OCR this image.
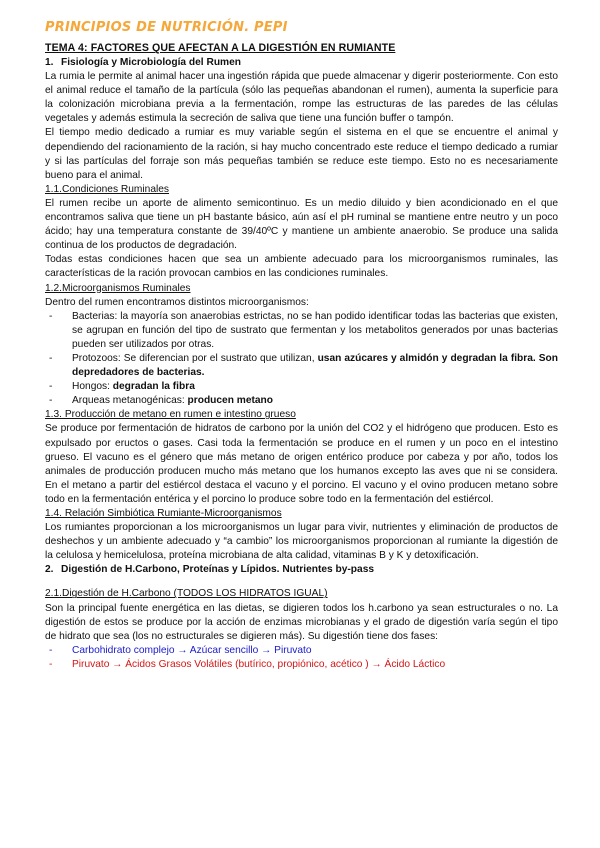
PRINCIPIOS DE NUTRICIÓN. PEPI
TEMA 4: FACTORES QUE AFECTAN A LA DIGESTIÓN EN RUMIANTE

1. Fisiología y Microbiología del Rumen

La rumia le permite al animal hacer una ingestión rápida que puede almacenar y digerir posteriormente. Con esto el animal reduce el tamaño de la partícula (sólo las pequeñas abandonan el rumen), aumenta la superficie para la colonización microbiana previa a la fermentación, rompe las estructuras de las paredes de las células vegetales y además estimula la secreción de saliva que tiene una función buffer o tampón.

El tiempo medio dedicado a rumiar es muy variable según el sistema en el que se encuentre el animal y dependiendo del racionamiento de la ración, si hay mucho concentrado este reduce el tiempo dedicado a rumiar y si las partículas del forraje son más pequeñas también se reduce este tiempo. Esto no es necesariamente bueno para el animal.

1.1.Condiciones Ruminales

El rumen recibe un aporte de alimento semicontinuo. Es un medio diluido y bien acondicionado en el que encontramos saliva que tiene un pH bastante básico, aún así el pH ruminal se mantiene entre neutro y un poco ácido; hay una temperatura constante de 39/40ºC y mantiene un ambiente anaerobio. Se produce una salida continua de los productos de degradación.

Todas estas condiciones hacen que sea un ambiente adecuado para los microorganismos ruminales, las características de la ración provocan cambios en las condiciones ruminales.

1.2.Microorganismos Ruminales

Dentro del rumen encontramos distintos microorganismos:

- Bacterias: la mayoría son anaerobias estrictas, no se han podido identificar todas las bacterias que existen, se agrupan en función del tipo de sustrato que fermentan y los metabolitos generados por unas bacterias pueden ser utilizados por otras.
- Protozoos: Se diferencian por el sustrato que utilizan, usan azúcares y almidón y degradan la fibra. Son depredadores de bacterias.
- Hongos: degradan la fibra
- Arqueas metanogénicas: producen metano

1.3. Producción de metano en rumen e intestino grueso

Se produce por fermentación de hidratos de carbono por la unión del CO2 y el hidrógeno que producen. Esto es expulsado por eructos o gases. Casi toda la fermentación se produce en el rumen y un poco en el intestino grueso. El vacuno es el género que más metano de origen entérico produce por cabeza y por año, todos los animales de producción producen mucho más metano que los humanos excepto las aves que ni se considera. En el metano a partir del estiércol destaca el vacuno y el porcino. El vacuno y el ovino producen metano sobre todo en la fermentación entérica y el porcino lo produce sobre todo en la fermentación del estiércol.

1.4. Relación Simbiótica Rumiante-Microorganismos

Los rumiantes proporcionan a los microorganismos un lugar para vivir, nutrientes y eliminación de productos de deshechos y un ambiente adecuado y “a cambio” los microorganismos proporcionan al rumiante la digestión de la celulosa y hemicelulosa, proteína microbiana de alta calidad, vitaminas B y K y detoxificación.

2. Digestión de H.Carbono, Proteínas y Lípidos. Nutrientes by-pass

2.1.Digestión de H.Carbono (TODOS LOS HIDRATOS IGUAL)

Son la principal fuente energética en las dietas, se digieren todos los h.carbono ya sean estructurales o no. La digestión de estos se produce por la acción de enzimas microbianas y el grado de digestión varía según el tipo de hidrato que sea (los no estructurales se digieren más). Su digestión tiene dos fases:

- Carbohidrato complejo → Azúcar sencillo → Piruvato
- Piruvato → Ácidos Grasos Volátiles (butírico, propiónico, acético ) → Ácido Láctico
